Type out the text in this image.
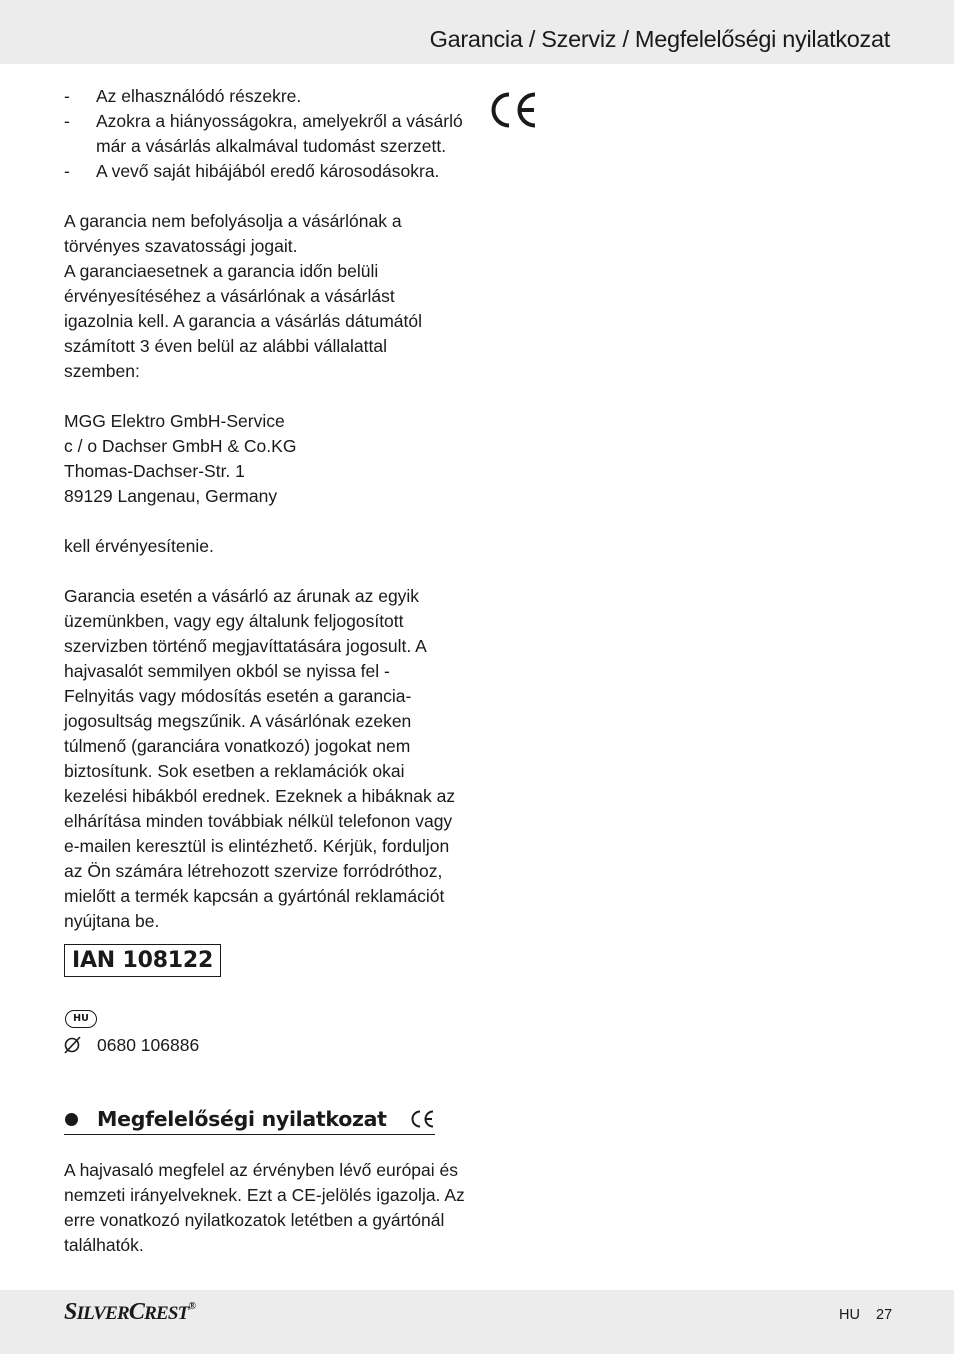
Garancia / Szerviz / Megfelelőségi nyilatkozat
- Az elhasználódó részekre.
- Azokra a hiányosságokra, amelyekről a vásárló már a vásárlás alkalmával tudomást szerzett.
- A vevő saját hibájából eredő károsodásokra.

A garancia nem befolyásolja a vásárlónak a törvényes szavatossági jogait.

A garanciaesetnek a garancia időn belüli érvényesítéséhez a vásárlónak a vásárlást igazolnia kell. A garancia a vásárlás dátumától számított 3 éven belül az alábbi vállalattal szemben:

MGG Elektro GmbH-Service
c / o Dachser GmbH & Co.KG
Thomas-Dachser-Str. 1
89129 Langenau, Germany

kell érvényesítenie.

Garancia esetén a vásárló az árunak az egyik üzemünkben, vagy egy általunk feljogosított szervizben történő megjavíttatására jogosult. A hajvasalót semmilyen okból se nyissa fel - Felnyitás vagy módosítás esetén a garancia-jogosultság megszűnik. A vásárlónak ezeken túlmenő (garanciára vonatkozó) jogokat nem biztosítunk. Sok esetben a reklamációk okai kezelési hibákból erednek. Ezeknek a hibáknak az elhárítása minden továbbiak nélkül telefonon vagy e-mailen keresztül is elintézhető. Kérjük, forduljon az Ön számára létrehozott szervize forródróthoz, mielőtt a termék kapcsán a gyártónál reklamációt nyújtana be.

IAN 108122
HU
0680 106886
Megfelelőségi nyilatkozat

A hajvasaló megfelel az érvényben lévő európai és nemzeti irányelveknek. Ezt a CE-jelölés igazolja. Az erre vonatkozó nyilatkozatok letétben a gyártónál találhatók.

SILVERCREST®
HU 27
